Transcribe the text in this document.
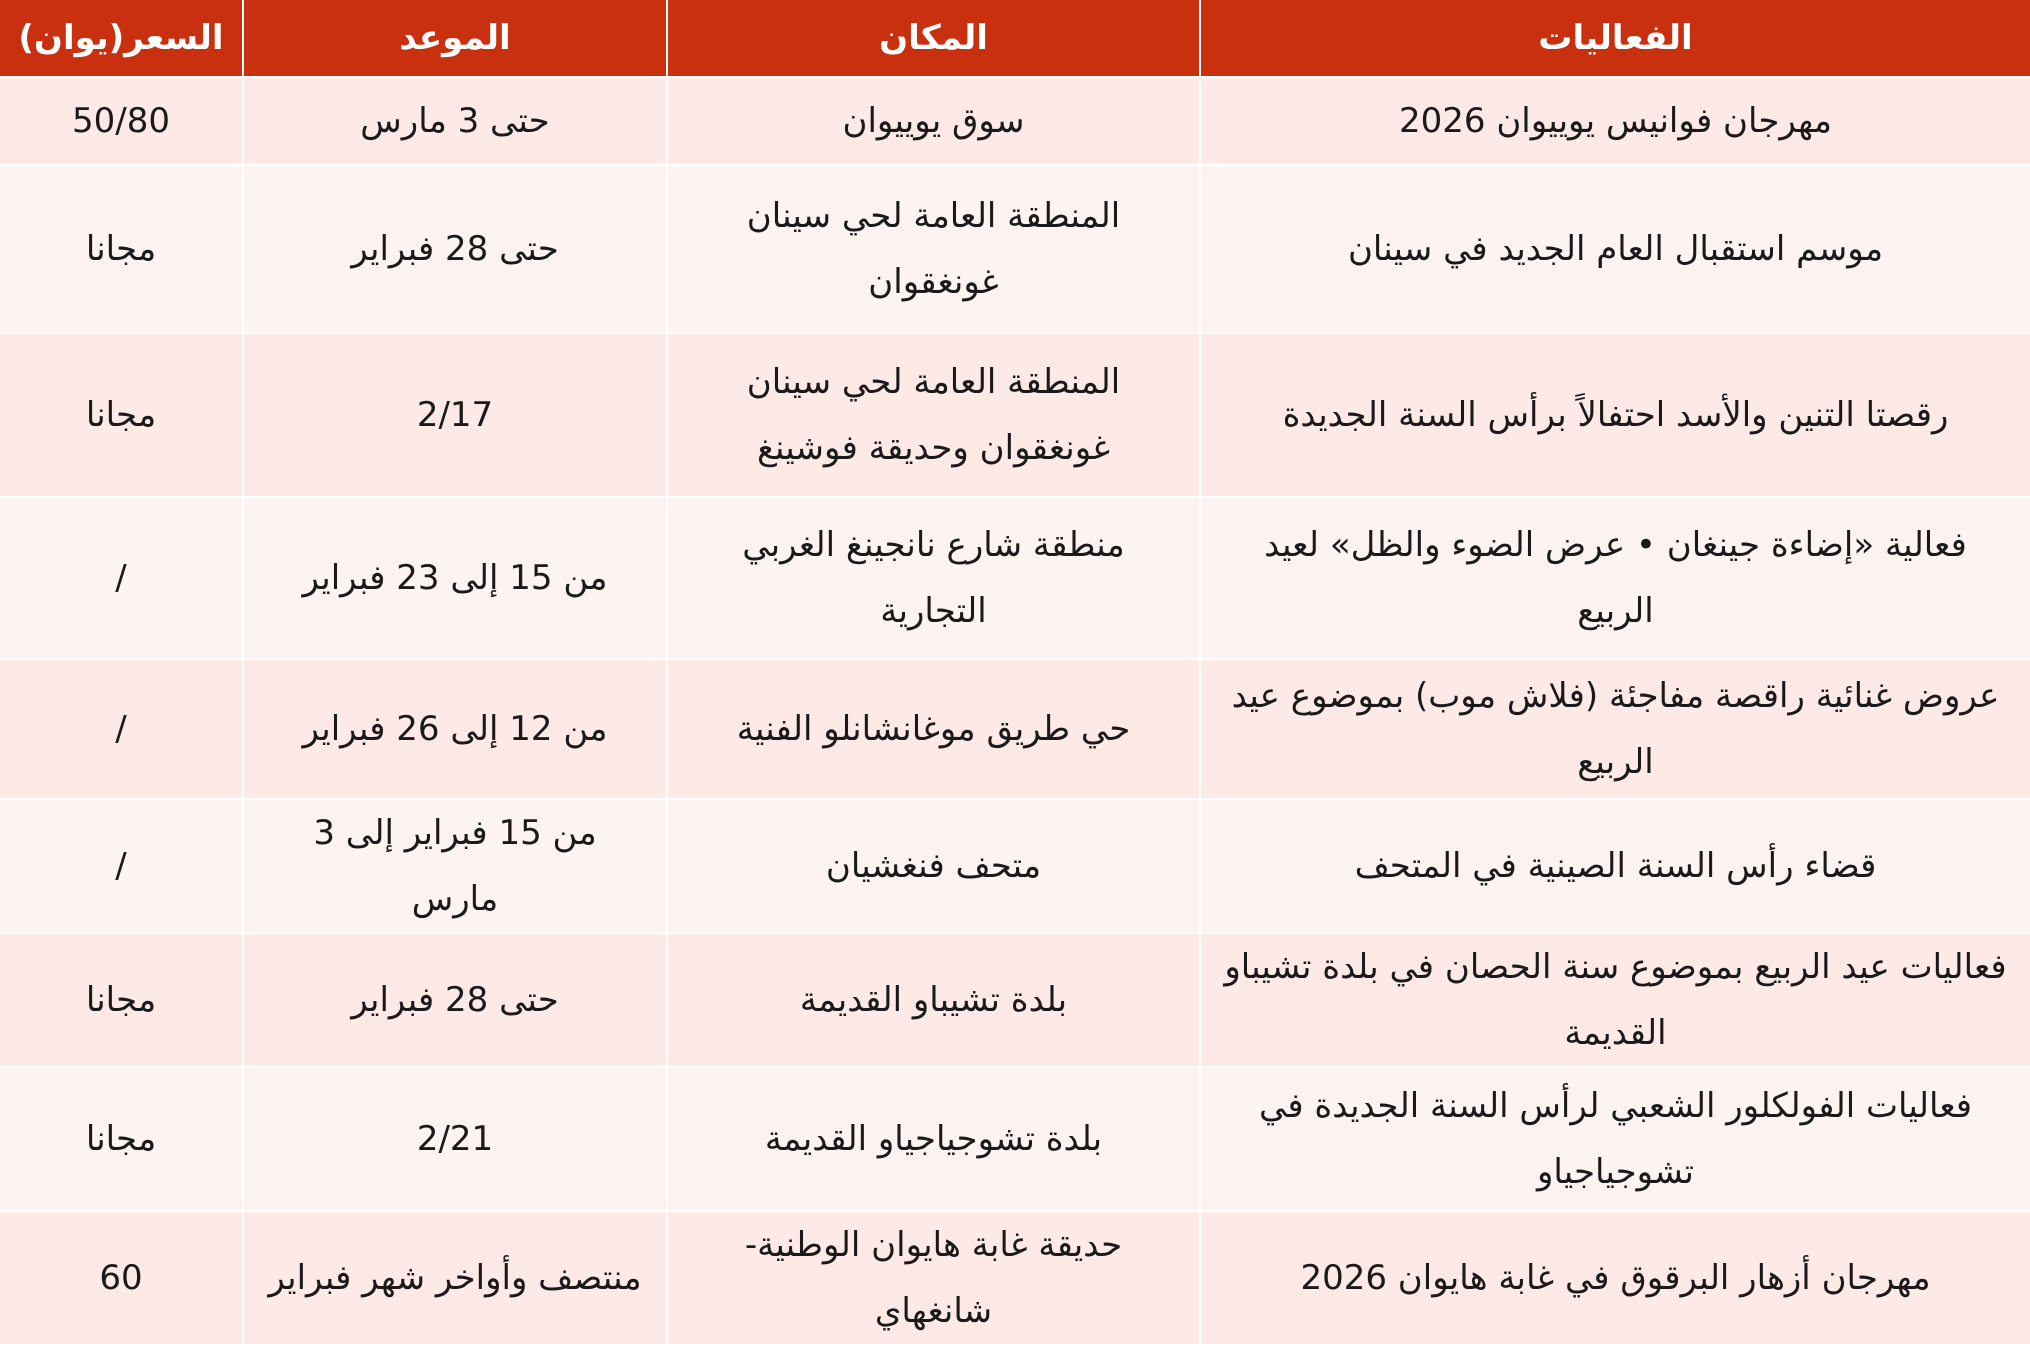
السعر(يوان)	الموعد	المكان	الفعاليات
50/80	حتى 3 مارس	سوق يوييوان	مهرجان فوانيس يوييوان 2026
مجانا	حتى 28 فبراير	المنطقة العامة لحي سينان غونغقوان	موسم استقبال العام الجديد في سينان
مجانا	2/17	المنطقة العامة لحي سينان غونغقوان وحديقة فوشينغ	رقصتا التنين والأسد احتفالاً برأس السنة الجديدة
/	من 15 إلى 23 فبراير	منطقة شارع نانجينغ الغربي التجارية	فعالية «إضاءة جينغان • عرض الضوء والظل» لعيد الربيع
/	من 12 إلى 26 فبراير	حي طريق موغانشانلو الفنية	عروض غنائية راقصة مفاجئة (فلاش موب) بموضوع عيد الربيع
/	من 15 فبراير إلى 3 مارس	متحف فنغشيان	قضاء رأس السنة الصينية في المتحف
مجانا	حتى 28 فبراير	بلدة تشيباو القديمة	فعاليات عيد الربيع بموضوع سنة الحصان في بلدة تشيباو القديمة
مجانا	2/21	بلدة تشوجياجياو القديمة	فعاليات الفولكلور الشعبي لرأس السنة الجديدة في تشوجياجياو
60	منتصف وأواخر شهر فبراير	حديقة غابة هايوان الوطنية- شانغهاي	مهرجان أزهار البرقوق في غابة هايوان 2026
